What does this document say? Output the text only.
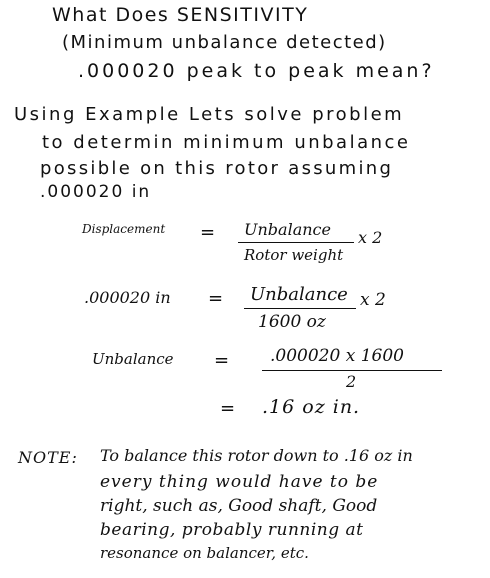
What Does SENSITIVITY
(Minimum unbalance detected)
.000020 peak to peak mean?
Using Example Lets solve problem
to determin minimum unbalance
possible on this rotor assuming
.000020 in
Displacement = Unbalance
Rotor weight
x 2
.000020 in = Unbalance
1600 oz
x 2
Unbalance = .000020 x 1600
2
= .16 oz in.
NOTE: To balance this rotor down to .16 oz in
every thing would have to be
right, such as, Good shaft, Good
bearing, probably running at
resonance on balancer, etc.
